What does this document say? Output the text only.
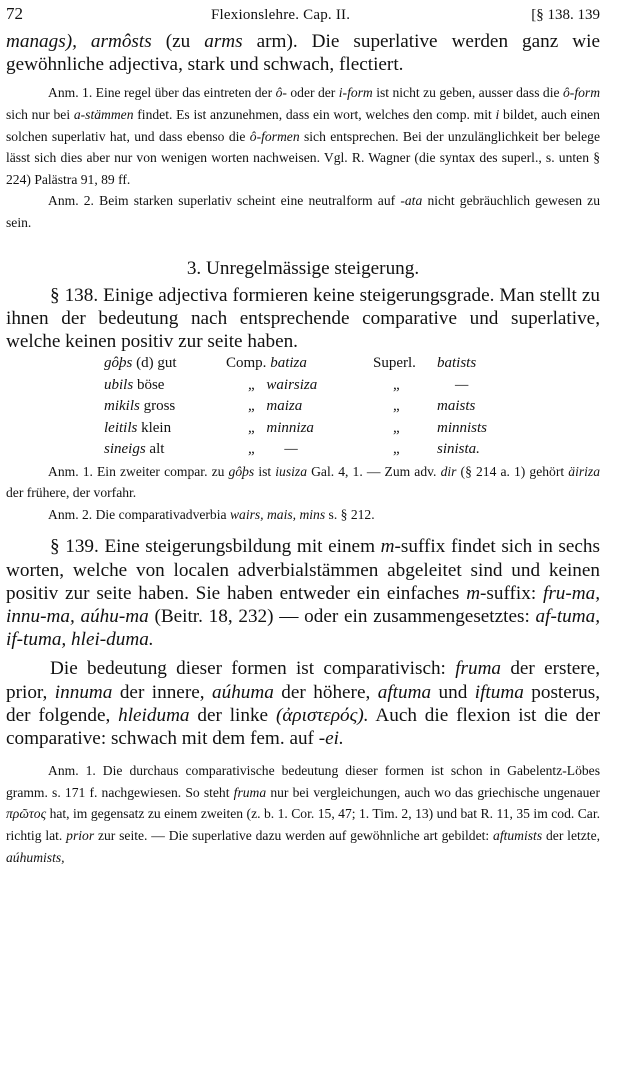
72	Flexionslehre. Cap. II.	[§ 138. 139

manags), armôsts (zu arms arm). Die superlative werden ganz wie gewöhnliche adjectiva, stark und schwach, flectiert.

Anm. 1. Eine regel über das eintreten der ô- oder der i-form ist nicht zu geben, ausser dass die ô-form sich nur bei a-stämmen findet. Es ist anzunehmen, dass ein wort, welches den comp. mit i bildet, auch einen solchen superlativ hat, und dass ebenso die ô-formen sich entsprechen. Bei der unzulänglichkeit ber belege lässt sich dies aber nur von wenigen worten nachweisen. Vgl. R. Wagner (die syntax des superl., s. unten § 224) Palästra 91, 89 ff.

Anm. 2. Beim starken superlativ scheint eine neutralform auf -ata nicht gebräuchlich gewesen zu sein.

3. Unregelmässige steigerung.

§ 138. Einige adjectiva formieren keine steigerungsgrade. Man stellt zu ihnen der bedeutung nach entsprechende comparative und superlative, welche keinen positiv zur seite haben.

gôþs (d) gut	Comp. batiza	Superl.	batists
ubils böse	„ wairsiza	„	—
mikils gross	„ maiza	„	maists
leitils klein	„ minniza	„	minnists
sineigs alt	„ —	„	sinista.

Anm. 1. Ein zweiter compar. zu gôþs ist iusiza Gal. 4, 1. — Zum adv. dir (§ 214 a. 1) gehört äiriza der frühere, der vorfahr.

Anm. 2. Die comparativadverbia wairs, mais, mins s. § 212.

§ 139. Eine steigerungsbildung mit einem m-suffix findet sich in sechs worten, welche von localen adverbialstämmen abgeleitet sind und keinen positiv zur seite haben. Sie haben entweder ein einfaches m-suffix: fru-ma, innu-ma, aúhu-ma (Beitr. 18, 232) — oder ein zusammengesetztes: af-tuma, if-tuma, hlei-duma.

Die bedeutung dieser formen ist comparativisch: fruma der erstere, prior, innuma der innere, aúhuma der höhere, aftuma und iftuma posterus, der folgende, hleiduma der linke (ἀριστερός). Auch die flexion ist die der comparative: schwach mit dem fem. auf -ei.

Anm. 1. Die durchaus comparativische bedeutung dieser formen ist schon in Gabelentz-Löbes gramm. s. 171 f. nachgewiesen. So steht fruma nur bei vergleichungen, auch wo das griechische ungenauer πρῶτος hat, im gegensatz zu einem zweiten (z. b. 1. Cor. 15, 47; 1. Tim. 2, 13) und bat R. 11, 35 im cod. Car. richtig lat. prior zur seite. — Die superlative dazu werden auf gewöhnliche art gebildet: aftumists der letzte, aúhumists,
